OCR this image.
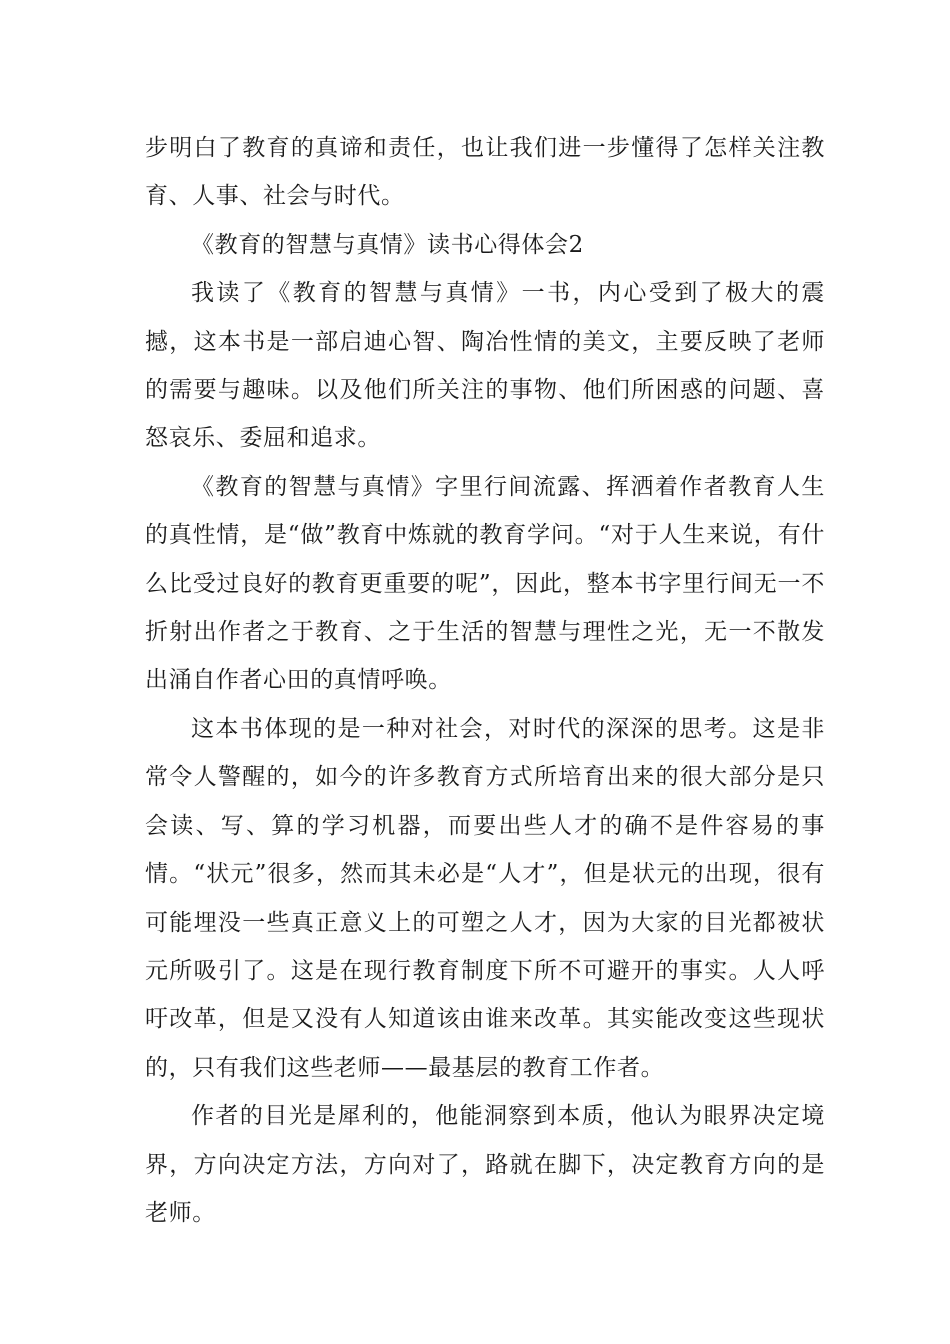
步明白了教育的真谛和责任，也让我们进一步懂得了怎样关注教育、人事、社会与时代。

《教育的智慧与真情》读书心得体会2

我读了《教育的智慧与真情》一书，内心受到了极大的震撼，这本书是一部启迪心智、陶冶性情的美文，主要反映了老师的需要与趣味。以及他们所关注的事物、他们所困惑的问题、喜怒哀乐、委屈和追求。

《教育的智慧与真情》字里行间流露、挥洒着作者教育人生的真性情，是“做”教育中炼就的教育学问。“对于人生来说，有什么比受过良好的教育更重要的呢”，因此，整本书字里行间无一不折射出作者之于教育、之于生活的智慧与理性之光，无一不散发出涌自作者心田的真情呼唤。

这本书体现的是一种对社会，对时代的深深的思考。这是非常令人警醒的，如今的许多教育方式所培育出来的很大部分是只会读、写、算的学习机器，而要出些人才的确不是件容易的事情。“状元”很多，然而其未必是“人才”，但是状元的出现，很有可能埋没一些真正意义上的可塑之人才，因为大家的目光都被状元所吸引了。这是在现行教育制度下所不可避开的事实。人人呼吁改革，但是又没有人知道该由谁来改革。其实能改变这些现状的，只有我们这些老师——最基层的教育工作者。

作者的目光是犀利的，他能洞察到本质，他认为眼界决定境界，方向决定方法，方向对了，路就在脚下，决定教育方向的是老师。
